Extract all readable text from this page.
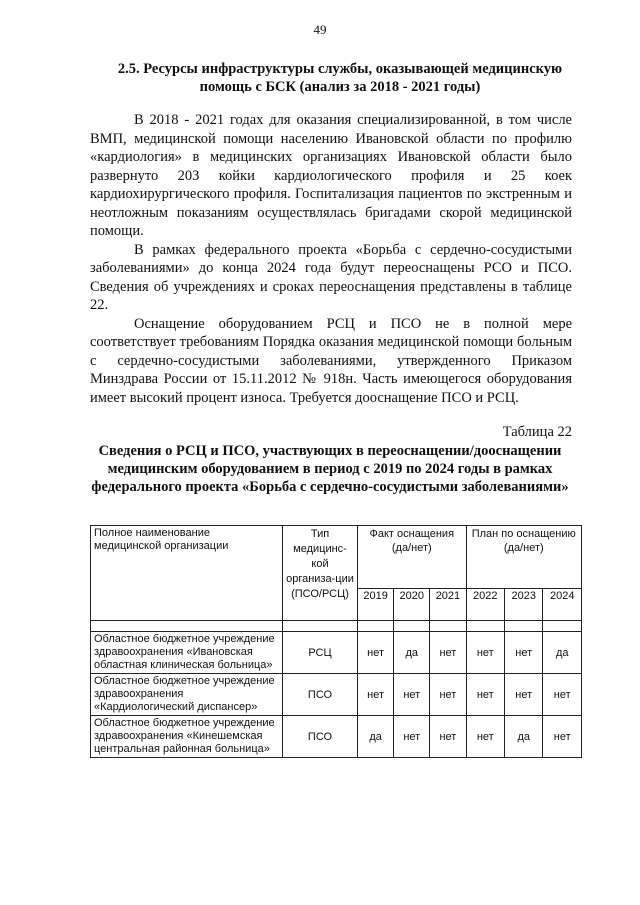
49
2.5. Ресурсы инфраструктуры службы, оказывающей медицинскую помощь с БСК (анализ за 2018 - 2021 годы)

В 2018 - 2021 годах для оказания специализированной, в том числе ВМП, медицинской помощи населению Ивановской области по профилю «кардиология» в медицинских организациях Ивановской области было развернуто 203 койки кардиологического профиля и 25 коек кардиохирургического профиля. Госпитализация пациентов по экстренным и неотложным показаниям осуществлялась бригадами скорой медицинской помощи.

В рамках федерального проекта «Борьба с сердечно-сосудистыми заболеваниями» до конца 2024 года будут переоснащены РСО и ПСО. Сведения об учреждениях и сроках переоснащения представлены в таблице 22.

Оснащение оборудованием РСЦ и ПСО не в полной мере соответствует требованиям Порядка оказания медицинской помощи больным с сердечно-сосудистыми заболеваниями, утвержденного Приказом Минздрава России от 15.11.2012 № 918н. Часть имеющегося оборудования имеет высокий процент износа. Требуется дооснащение ПСО и РСЦ.

Таблица 22
Сведения о РСЦ и ПСО, участвующих в переоснащении/дооснащении медицинским оборудованием в период с 2019 по 2024 годы в рамках федерального проекта «Борьба с сердечно-сосудистыми заболеваниями»
Полное наименование медицинской организации	Тип медицинс-кой организа-ции (ПСО/РСЦ)	Факт оснащения (да/нет)			План по оснащению (да/нет)		
		2019	2020	2021	2022	2023	2024

Областное бюджетное учреждение здравоохранения «Ивановская областная клиническая больница»	РСЦ	нет	да	нет	нет	нет	да
Областное бюджетное учреждение здравоохранения «Кардиологический диспансер»	ПСО	нет	нет	нет	нет	нет	нет
Областное бюджетное учреждение здравоохранения «Кинешемская центральная районная больница»	ПСО	да	нет	нет	нет	да	нет
